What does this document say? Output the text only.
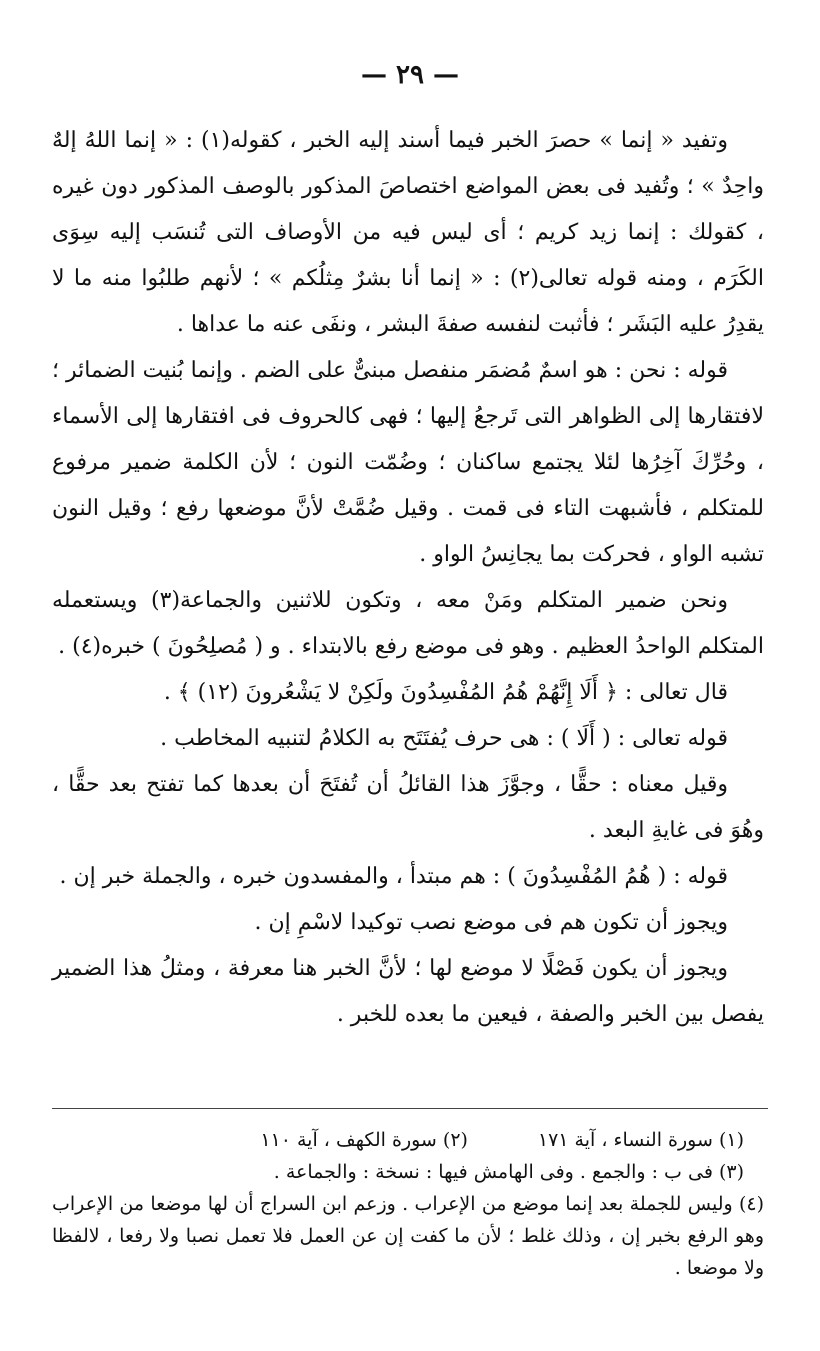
— ٢٩ —

وتفيد « إنما » حصرَ الخبر فيما أسند إليه الخبر ، كقوله(١) : « إنما اللهُ إلهٌ واحِدٌ » ؛ وتُفيد فى بعض المواضع اختصاصَ المذكور بالوصف المذكور دون غيره ، كقولك : إنما زيد كريم ؛ أى ليس فيه من الأوصاف التى تُنسَب إليه سِوَى الكَرَم ، ومنه قوله تعالى(٢) : « إنما أنا بشرٌ مِثلُكم » ؛ لأنهم طلبُوا منه ما لا يقدِرُ عليه البَشَر ؛ فأثبت لنفسه صفةَ البشر ، ونفَى عنه ما عداها .

قوله : نحن : هو اسمٌ مُضمَر منفصل مبنىٌّ على الضم . وإنما بُنيت الضمائر ؛ لافتقارها إلى الظواهر التى تَرجعُ إليها ؛ فهى كالحروف فى افتقارها إلى الأسماء ، وحُرِّكَ آخِرُها لئلا يجتمع ساكنان ؛ وضُمّت النون ؛ لأن الكلمة ضمير مرفوع للمتكلم ، فأشبهت التاء فى قمت . وقيل ضُمَّتْ لأنَّ موضعها رفع ؛ وقيل النون تشبه الواو ، فحركت بما يجانِسُ الواو .

ونحن ضمير المتكلم ومَنْ معه ، وتكون للاثنين والجماعة(٣) ويستعمله المتكلم الواحدُ العظيم . وهو فى موضع رفع بالابتداء . و ( مُصلِحُونَ ) خبره(٤) .

قال تعالى : ﴿ أَلَا إِنَّهُمْ هُمُ المُفْسِدُونَ ولَكِنْ لا يَشْعُرونَ (١٢) ﴾ .

قوله تعالى : ( أَلَا ) : هى حرف يُفتَتَح به الكلامُ لتنبيه المخاطب .

وقيل معناه : حقًّا ، وجوَّزَ هذا القائلُ أن تُفتَحَ أن بعدها كما تفتح بعد حقًّا ، وهُوَ فى غايةِ البعد .

قوله : ( هُمُ المُفْسِدُونَ ) : هم مبتدأ ، والمفسدون خبره ، والجملة خبر إن .

ويجوز أن تكون هم فى موضع نصب توكيدا لاسْمِ إن .

ويجوز أن يكون فَصْلًا لا موضع لها ؛ لأنَّ الخبر هنا معرفة ، ومثلُ هذا الضمير يفصل بين الخبر والصفة ، فيعين ما بعده للخبر .

(١) سورة النساء ، آية ١٧١ (٢) سورة الكهف ، آية ١١٠

(٣) فى ب : والجمع . وفى الهامش فيها : نسخة : والجماعة .

(٤) وليس للجملة بعد إنما موضع من الإعراب . وزعم ابن السراج أن لها موضعا من الإعراب وهو الرفع بخبر إن ، وذلك غلط ؛ لأن ما كفت إن عن العمل فلا تعمل نصبا ولا رفعا ، لالفظا ولا موضعا .
